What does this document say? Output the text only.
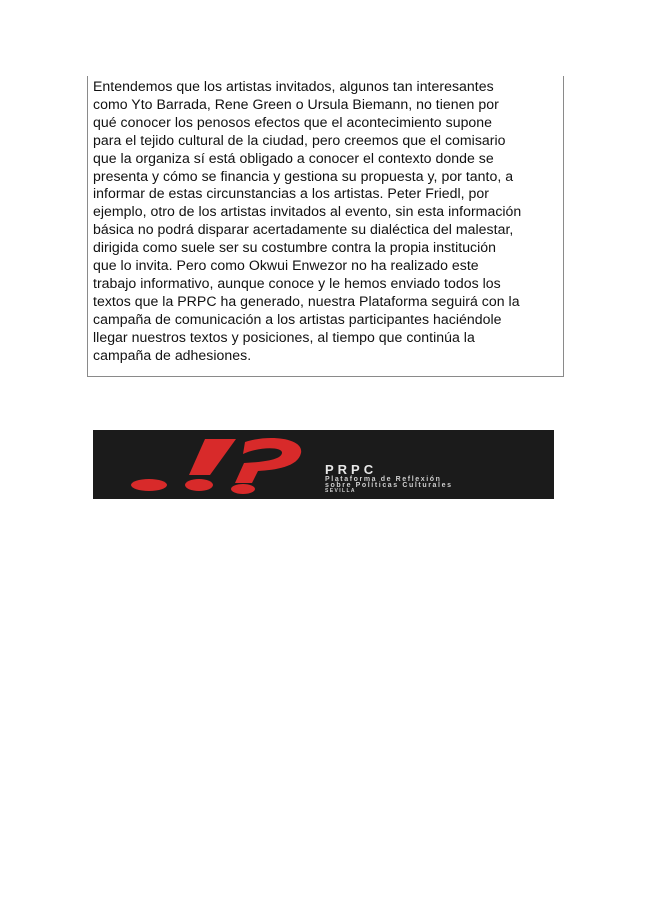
Entendemos que los artistas invitados, algunos tan interesantes
como Yto Barrada, Rene Green o Ursula Biemann, no tienen por
qué conocer los penosos efectos que el acontecimiento supone
para el tejido cultural de la ciudad, pero creemos que el comisario
que la organiza sí está obligado a conocer el contexto donde se
presenta y cómo se financia y gestiona su propuesta y, por tanto, a
informar de estas circunstancias a los artistas. Peter Friedl, por
ejemplo, otro de los artistas invitados al evento, sin esta información
básica no podrá disparar acertadamente su dialéctica del malestar,
dirigida como suele ser su costumbre contra la propia institución
que lo invita. Pero como Okwui Enwezor no ha realizado este
trabajo informativo, aunque conoce y le hemos enviado todos los
textos que la PRPC ha generado, nuestra Plataforma seguirá con la
campaña de comunicación a los artistas participantes haciéndole
llegar nuestros textos y posiciones, al tiempo que continúa la
campaña de adhesiones.

PRPC
Plataforma de Reflexión
sobre Políticas Culturales
SEVILLA
